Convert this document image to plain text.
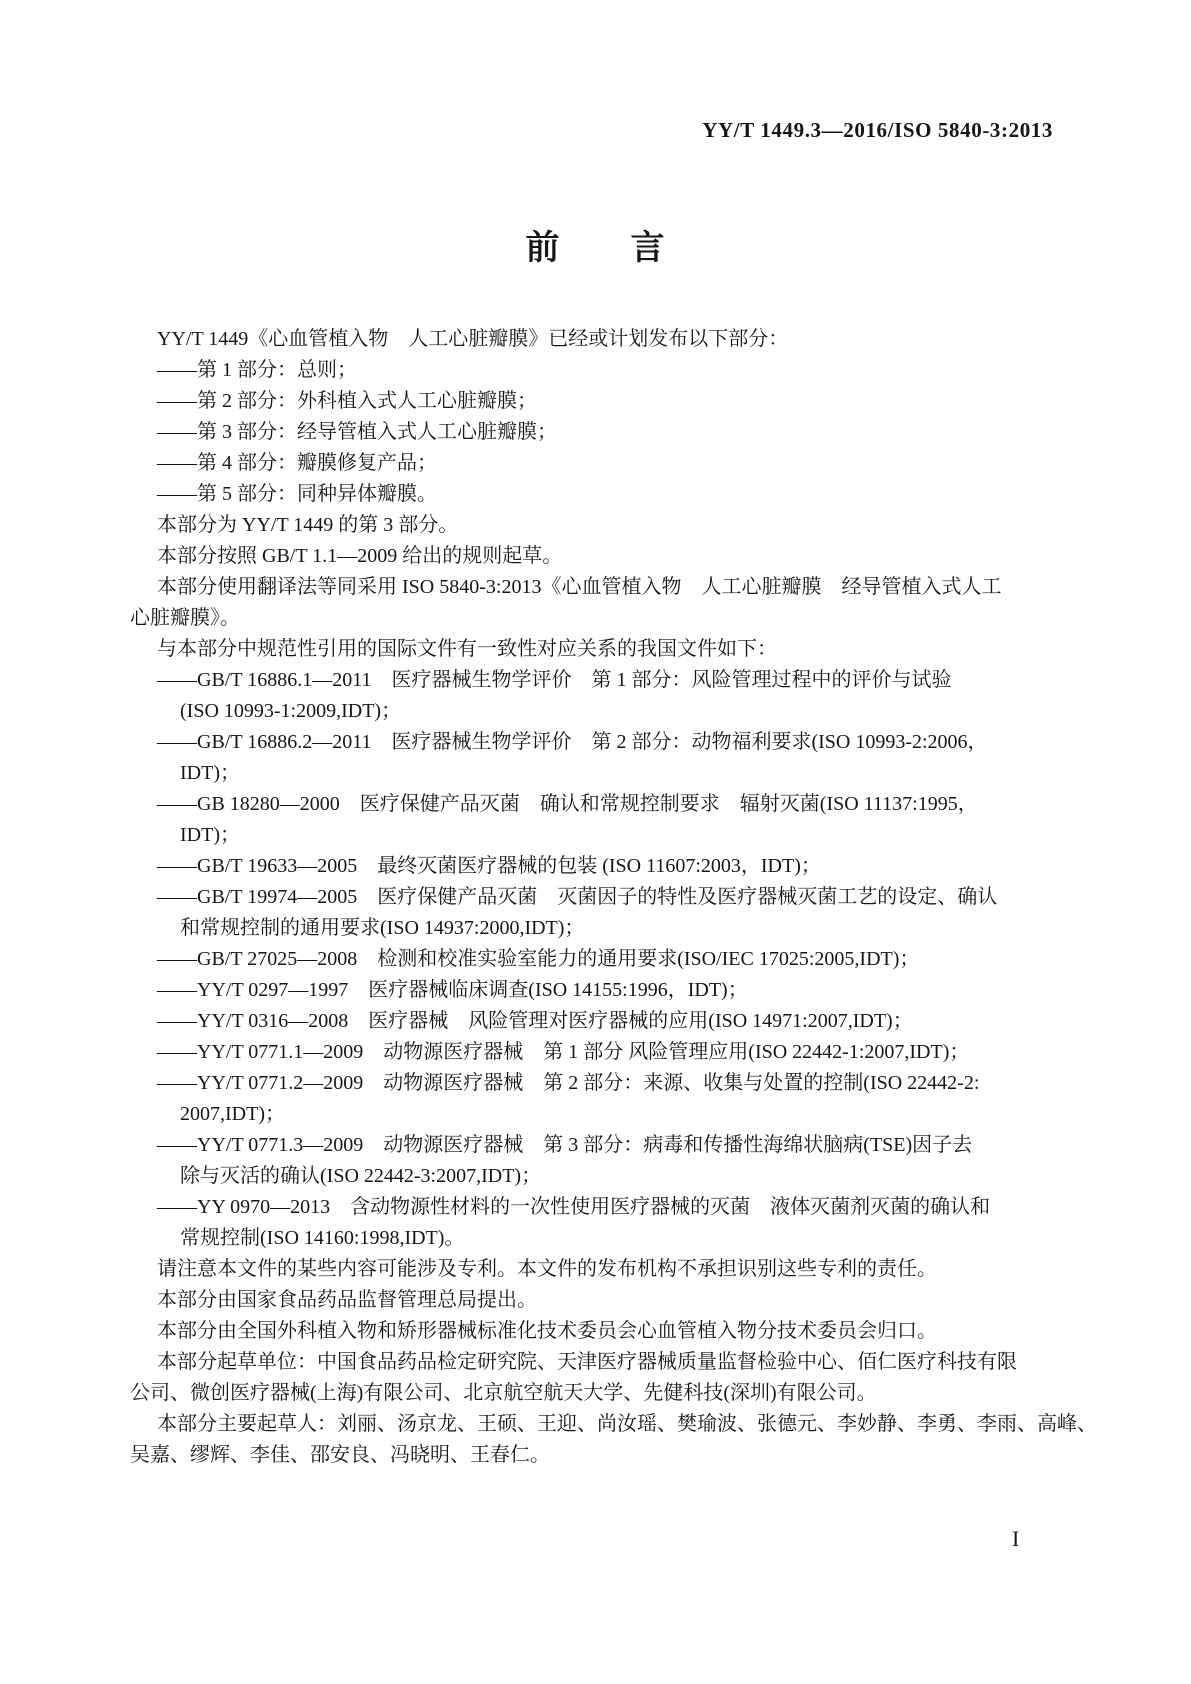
YY/T 1449.3—2016/ISO 5840-3:2013
前　　言
YY/T 1449《心血管植入物　人工心脏瓣膜》已经或计划发布以下部分：
——第 1 部分：总则；
——第 2 部分：外科植入式人工心脏瓣膜；
——第 3 部分：经导管植入式人工心脏瓣膜；
——第 4 部分：瓣膜修复产品；
——第 5 部分：同种异体瓣膜。
本部分为 YY/T 1449 的第 3 部分。
本部分按照 GB/T 1.1—2009 给出的规则起草。
本部分使用翻译法等同采用 ISO 5840-3:2013《心血管植入物　人工心脏瓣膜　经导管植入式人工
心脏瓣膜》。
与本部分中规范性引用的国际文件有一致性对应关系的我国文件如下：
——GB/T 16886.1—2011　医疗器械生物学评价　第 1 部分：风险管理过程中的评价与试验
(ISO 10993-1:2009,IDT)；
——GB/T 16886.2—2011　医疗器械生物学评价　第 2 部分：动物福利要求(ISO 10993-2:2006，
IDT)；
——GB 18280—2000　医疗保健产品灭菌　确认和常规控制要求　辐射灭菌(ISO 11137:1995，
IDT)；
——GB/T 19633—2005　最终灭菌医疗器械的包装 (ISO 11607:2003，IDT)；
——GB/T 19974—2005　医疗保健产品灭菌　灭菌因子的特性及医疗器械灭菌工艺的设定、确认
和常规控制的通用要求(ISO 14937:2000,IDT)；
——GB/T 27025—2008　检测和校准实验室能力的通用要求(ISO/IEC 17025:2005,IDT)；
——YY/T 0297—1997　医疗器械临床调查(ISO 14155:1996，IDT)；
——YY/T 0316—2008　医疗器械　风险管理对医疗器械的应用(ISO 14971:2007,IDT)；
——YY/T 0771.1—2009　动物源医疗器械　第 1 部分 风险管理应用(ISO 22442-1:2007,IDT)；
——YY/T 0771.2—2009　动物源医疗器械　第 2 部分：来源、收集与处置的控制(ISO 22442-2:
2007,IDT)；
——YY/T 0771.3—2009　动物源医疗器械　第 3 部分：病毒和传播性海绵状脑病(TSE)因子去
除与灭活的确认(ISO 22442-3:2007,IDT)；
——YY 0970—2013　含动物源性材料的一次性使用医疗器械的灭菌　液体灭菌剂灭菌的确认和
常规控制(ISO 14160:1998,IDT)。
请注意本文件的某些内容可能涉及专利。本文件的发布机构不承担识别这些专利的责任。
本部分由国家食品药品监督管理总局提出。
本部分由全国外科植入物和矫形器械标准化技术委员会心血管植入物分技术委员会归口。
本部分起草单位：中国食品药品检定研究院、天津医疗器械质量监督检验中心、佰仁医疗科技有限
公司、微创医疗器械(上海)有限公司、北京航空航天大学、先健科技(深圳)有限公司。
本部分主要起草人：刘丽、汤京龙、王硕、王迎、尚汝瑶、樊瑜波、张德元、李妙静、李勇、李雨、高峰、
吴嘉、缪辉、李佳、邵安良、冯晓明、王春仁。
I
